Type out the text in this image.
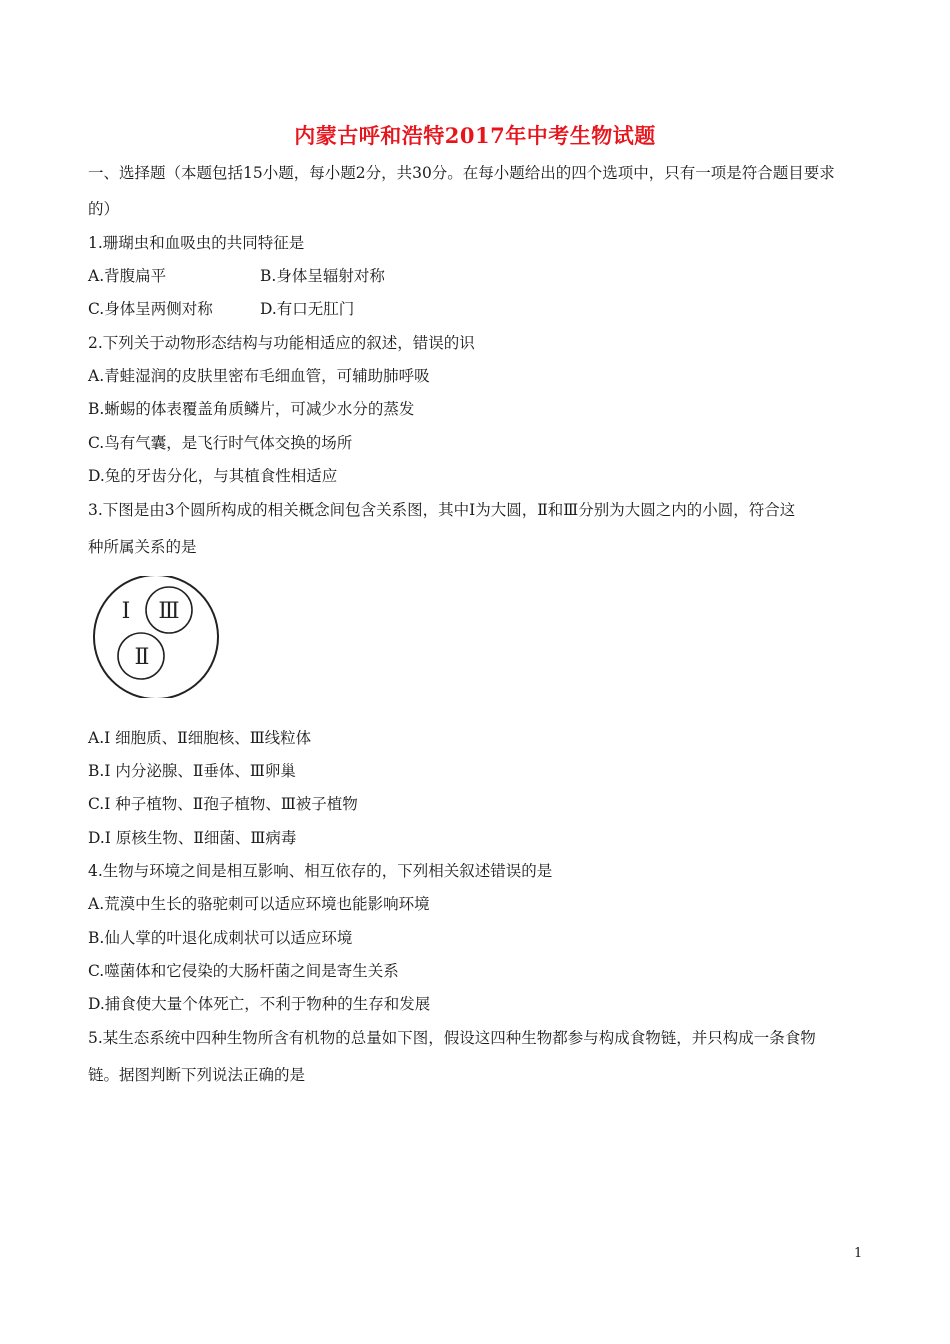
内蒙古呼和浩特2017年中考生物试题
一、选择题（本题包括15小题，每小题2分，共30分。在每小题给出的四个选项中，只有一项是符合题目要求
的）
1.珊瑚虫和血吸虫的共同特征是
A.背腹扁平	B.身体呈辐射对称
C.身体呈两侧对称	D.有口无肛门
2.下列关于动物形态结构与功能相适应的叙述，错误的识
A.青蛙湿润的皮肤里密布毛细血管，可辅助肺呼吸
B.蜥蜴的体表覆盖角质鳞片，可减少水分的蒸发
C.鸟有气囊，是飞行时气体交换的场所
D.兔的牙齿分化，与其植食性相适应
3.下图是由3个圆所构成的相关概念间包含关系图，其中Ⅰ为大圆，Ⅱ和Ⅲ分别为大圆之内的小圆，符合这
种所属关系的是
Ⅰ Ⅲ
Ⅱ
A.Ⅰ 细胞质、Ⅱ细胞核、Ⅲ线粒体
B.Ⅰ 内分泌腺、Ⅱ垂体、Ⅲ卵巢
C.Ⅰ 种子植物、Ⅱ孢子植物、Ⅲ被子植物
D.Ⅰ 原核生物、Ⅱ细菌、Ⅲ病毒
4.生物与环境之间是相互影响、相互依存的，下列相关叙述错误的是
A.荒漠中生长的骆驼刺可以适应环境也能影响环境
B.仙人掌的叶退化成刺状可以适应环境
C.噬菌体和它侵染的大肠杆菌之间是寄生关系
D.捕食使大量个体死亡，不利于物种的生存和发展
5.某生态系统中四种生物所含有机物的总量如下图，假设这四种生物都参与构成食物链，并只构成一条食物
链。据图判断下列说法正确的是
1
